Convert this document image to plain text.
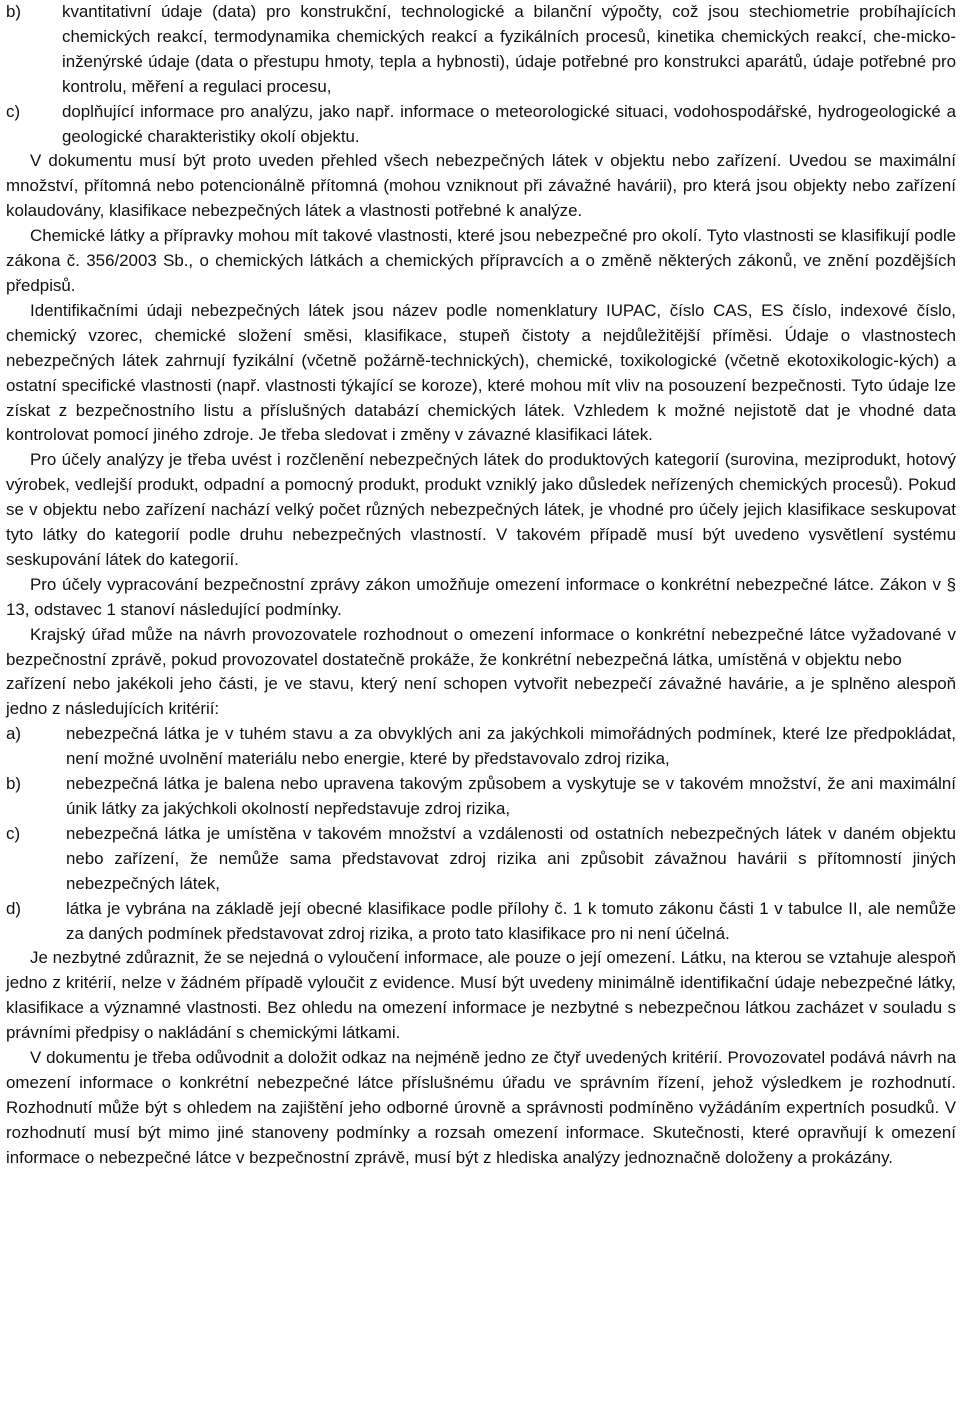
b) kvantitativní údaje (data) pro konstrukční, technologické a bilanční výpočty, což jsou stechiometrie probíhajících chemických reakcí, termodynamika chemických reakcí a fyzikálních procesů, kinetika chemických reakcí, che-micko-inženýrské údaje (data o přestupu hmoty, tepla a hybnosti), údaje potřebné pro konstrukci aparátů, údaje potřebné pro kontrolu, měření a regulaci procesu,
c) doplňující informace pro analýzu, jako např. informace o meteorologické situaci, vodohospodářské, hydrogeologické a geologické charakteristiky okolí objektu.

V dokumentu musí být proto uveden přehled všech nebezpečných látek v objektu nebo zařízení. Uvedou se maximální množství, přítomná nebo potencionálně přítomná (mohou vzniknout při závažné havárii), pro která jsou objekty nebo zařízení kolaudovány, klasifikace nebezpečných látek a vlastnosti potřebné k analýze.

Chemické látky a přípravky mohou mít takové vlastnosti, které jsou nebezpečné pro okolí. Tyto vlastnosti se klasifikují podle zákona č. 356/2003 Sb., o chemických látkách a chemických přípravcích a o změně některých zákonů, ve znění pozdějších předpisů.

Identifikačními údaji nebezpečných látek jsou název podle nomenklatury IUPAC, číslo CAS, ES číslo, indexové číslo, chemický vzorec, chemické složení směsi, klasifikace, stupeň čistoty a nejdůležitější příměsi. Údaje o vlastnostech nebezpečných látek zahrnují fyzikální (včetně požárně-technických), chemické, toxikologické (včetně ekotoxikologic-kých) a ostatní specifické vlastnosti (např. vlastnosti týkající se koroze), které mohou mít vliv na posouzení bezpečnosti. Tyto údaje lze získat z bezpečnostního listu a příslušných databází chemických látek. Vzhledem k možné nejistotě dat je vhodné data kontrolovat pomocí jiného zdroje. Je třeba sledovat i změny v závazné klasifikaci látek.

Pro účely analýzy je třeba uvést i rozčlenění nebezpečných látek do produktových kategorií (surovina, meziprodukt, hotový výrobek, vedlejší produkt, odpadní a pomocný produkt, produkt vzniklý jako důsledek neřízených chemických procesů). Pokud se v objektu nebo zařízení nachází velký počet různých nebezpečných látek, je vhodné pro účely jejich klasifikace seskupovat tyto látky do kategorií podle druhu nebezpečných vlastností. V takovém případě musí být uvedeno vysvětlení systému seskupování látek do kategorií.

Pro účely vypracování bezpečnostní zprávy zákon umožňuje omezení informace o konkrétní nebezpečné látce. Zákon v § 13, odstavec 1 stanoví následující podmínky.

Krajský úřad může na návrh provozovatele rozhodnout o omezení informace o konkrétní nebezpečné látce vyžadované v bezpečnostní zprávě, pokud provozovatel dostatečně prokáže, že konkrétní nebezpečná látka, umístěná v objektu nebo

zařízení nebo jakékoli jeho části, je ve stavu, který není schopen vytvořit nebezpečí závažné havárie, a je splněno alespoň jedno z následujících kritérií:

a)	nebezpečná látka je v tuhém stavu a za obvyklých ani za jakýchkoli mimořádných podmínek, které lze předpokládat, není možné uvolnění materiálu nebo energie, které by představovalo zdroj rizika,
b)	nebezpečná látka je balena nebo upravena takovým způsobem a vyskytuje se v takovém množství, že ani maximální únik látky za jakýchkoli okolností nepředstavuje zdroj rizika,
c)	nebezpečná látka je umístěna v takovém množství a vzdálenosti od ostatních nebezpečných látek v daném objektu nebo zařízení, že nemůže sama představovat zdroj rizika ani způsobit závažnou havárii s přítomností jiných nebezpečných látek,
d)	látka je vybrána na základě její obecné klasifikace podle přílohy č. 1 k tomuto zákonu části 1 v tabulce II, ale nemůže za daných podmínek představovat zdroj rizika, a proto tato klasifikace pro ni není účelná.

Je nezbytné zdůraznit, že se nejedná o vyloučení informace, ale pouze o její omezení. Látku, na kterou se vztahuje alespoň jedno z kritérií, nelze v žádném případě vyloučit z evidence. Musí být uvedeny minimálně identifikační údaje nebezpečné látky, klasifikace a významné vlastnosti. Bez ohledu na omezení informace je nezbytné s nebezpečnou látkou zacházet v souladu s právními předpisy o nakládání s chemickými látkami.

V dokumentu je třeba odůvodnit a doložit odkaz na nejméně jedno ze čtyř uvedených kritérií. Provozovatel podává návrh na omezení informace o konkrétní nebezpečné látce příslušnému úřadu ve správním řízení, jehož výsledkem je rozhodnutí. Rozhodnutí může být s ohledem na zajištění jeho odborné úrovně a správnosti podmíněno vyžádáním expertních posudků. V rozhodnutí musí být mimo jiné stanoveny podmínky a rozsah omezení informace. Skutečnosti, které opravňují k omezení informace o nebezpečné látce v bezpečnostní zprávě, musí být z hlediska analýzy jednoznačně doloženy a prokázány.
